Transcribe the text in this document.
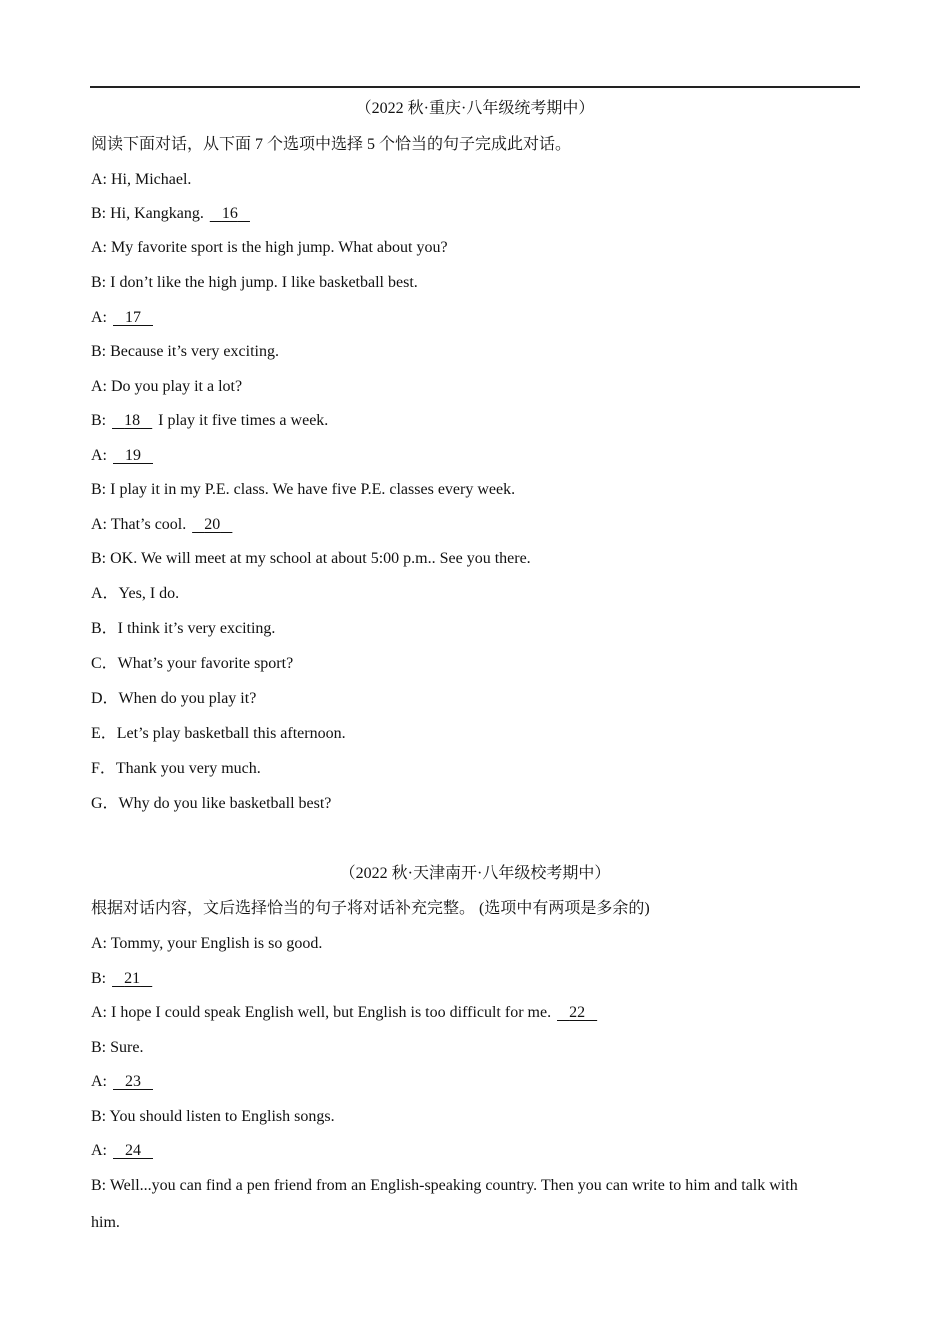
（2022 秋·重庆·八年级统考期中）
阅读下面对话，从下面 7 个选项中选择 5 个恰当的句子完成此对话。
A: Hi, Michael.
B: Hi, Kangkang. 16
A: My favorite sport is the high jump. What about you?
B: I don’t like the high jump. I like basketball best.
A: 17
B: Because it’s very exciting.
A: Do you play it a lot?
B: 18 I play it five times a week.
A: 19
B: I play it in my P.E. class. We have five P.E. classes every week.
A: That’s cool. 20
B: OK. We will meet at my school at about 5:00 p.m.. See you there.
A．Yes, I do.
B．I think it’s very exciting.
C．What’s your favorite sport?
D．When do you play it?
E．Let’s play basketball this afternoon.
F．Thank you very much.
G．Why do you like basketball best?
（2022 秋·天津南开·八年级校考期中）
根据对话内容，文后选择恰当的句子将对话补充完整。 (选项中有两项是多余的)
A: Tommy, your English is so good.
B: 21
A: I hope I could speak English well, but English is too difficult for me. 22
B: Sure.
A: 23
B: You should listen to English songs.
A: 24
B: Well...you can find a pen friend from an English-speaking country. Then you can write to him and talk with
him.
